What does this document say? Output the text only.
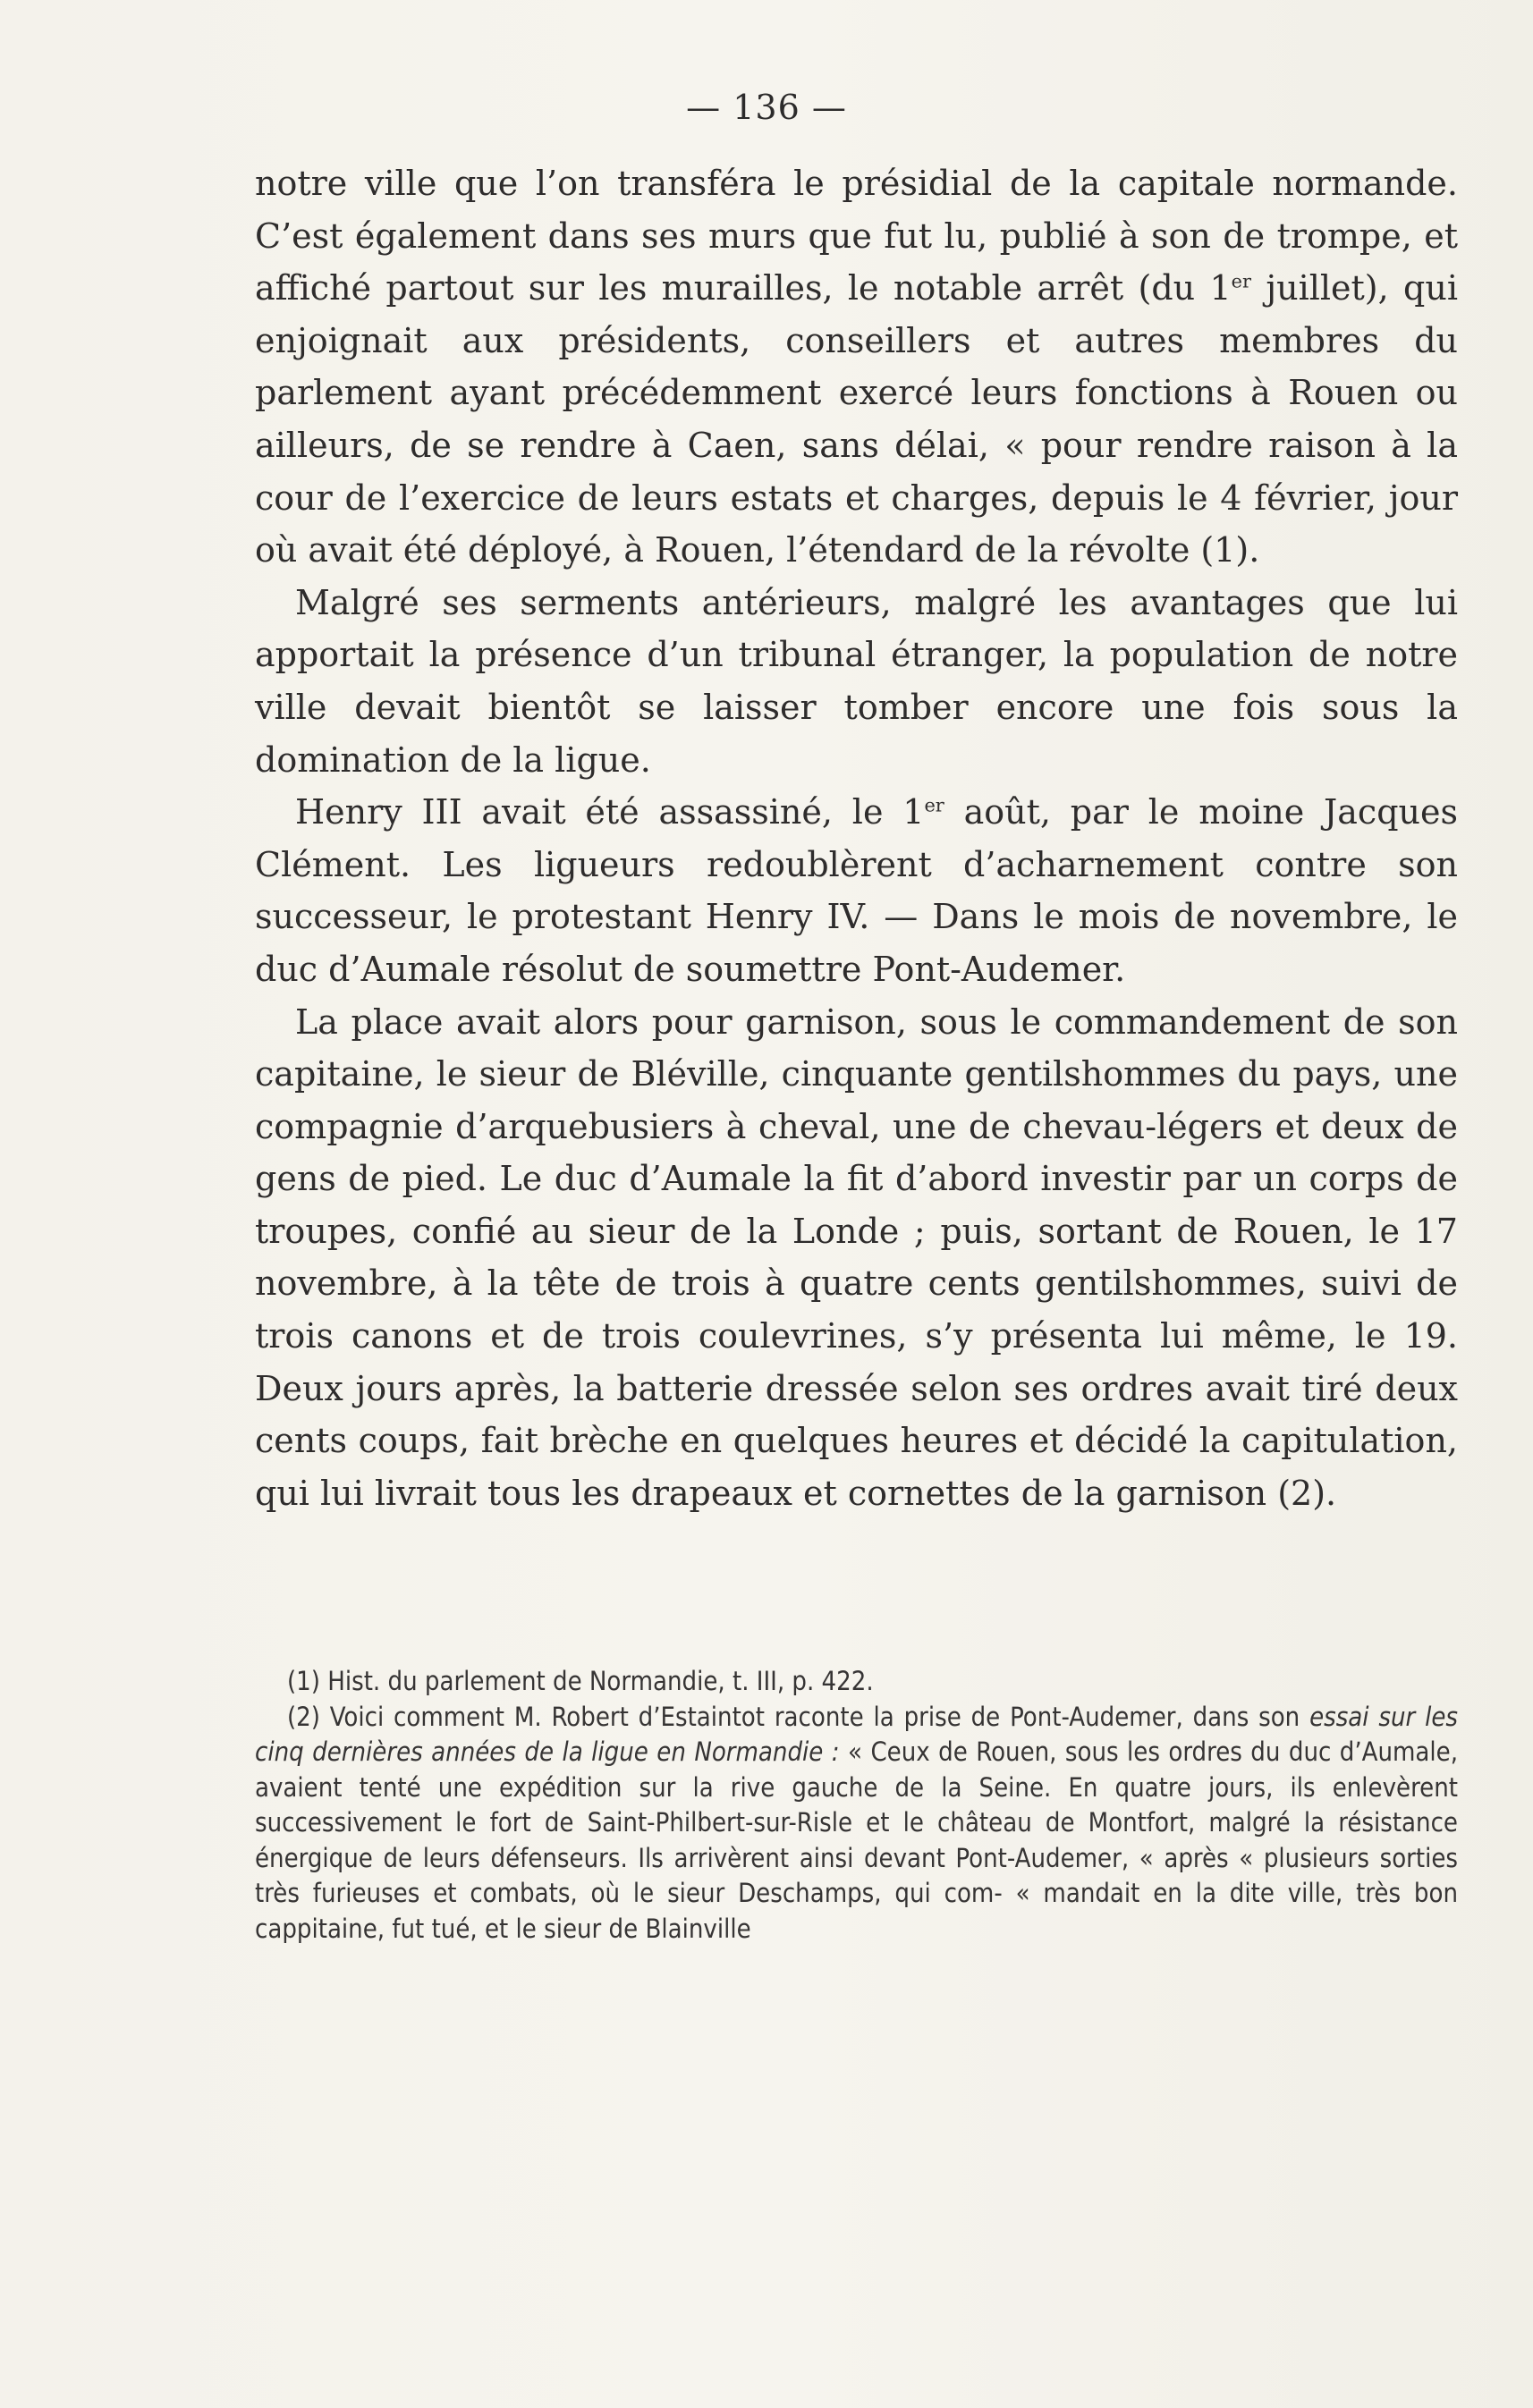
— 136 —

notre ville que l’on transféra le présidial de la capitale normande. C’est également dans ses murs que fut lu, publié à son de trompe, et affiché partout sur les murailles, le notable arrêt (du 1er juillet), qui enjoignait aux présidents, conseillers et autres membres du parlement ayant précédemment exercé leurs fonctions à Rouen ou ailleurs, de se rendre à Caen, sans délai, « pour rendre raison à la cour de l’exercice de leurs estats et charges, depuis le 4 février, jour où avait été déployé, à Rouen, l’étendard de la révolte (1).

Malgré ses serments antérieurs, malgré les avantages que lui apportait la présence d’un tribunal étranger, la population de notre ville devait bientôt se laisser tomber encore une fois sous la domination de la ligue.

Henry III avait été assassiné, le 1er août, par le moine Jacques Clément. Les ligueurs redoublèrent d’acharnement contre son successeur, le protestant Henry IV. — Dans le mois de novembre, le duc d’Aumale résolut de soumettre Pont-Audemer.

La place avait alors pour garnison, sous le commandement de son capitaine, le sieur de Bléville, cinquante gentilshommes du pays, une compagnie d’arquebusiers à cheval, une de chevau-légers et deux de gens de pied. Le duc d’Aumale la fit d’abord investir par un corps de troupes, confié au sieur de la Londe ; puis, sortant de Rouen, le 17 novembre, à la tête de trois à quatre cents gentilshommes, suivi de trois canons et de trois coulevrines, s’y présenta lui même, le 19. Deux jours après, la batterie dressée selon ses ordres avait tiré deux cents coups, fait brèche en quelques heures et décidé la capitulation, qui lui livrait tous les drapeaux et cornettes de la garnison (2).

(1) Hist. du parlement de Normandie, t. III, p. 422.

(2) Voici comment M. Robert d’Estaintot raconte la prise de Pont-Audemer, dans son essai sur les cinq dernières années de la ligue en Normandie : « Ceux de Rouen, sous les ordres du duc d’Aumale, avaient tenté une expédition sur la rive gauche de la Seine. En quatre jours, ils enlevèrent successivement le fort de Saint-Philbert-sur-Risle et le château de Montfort, malgré la résistance énergique de leurs défenseurs. Ils arrivèrent ainsi devant Pont-Audemer, « après « plusieurs sorties très furieuses et combats, où le sieur Deschamps, qui com- « mandait en la dite ville, très bon cappitaine, fut tué, et le sieur de Blainville
